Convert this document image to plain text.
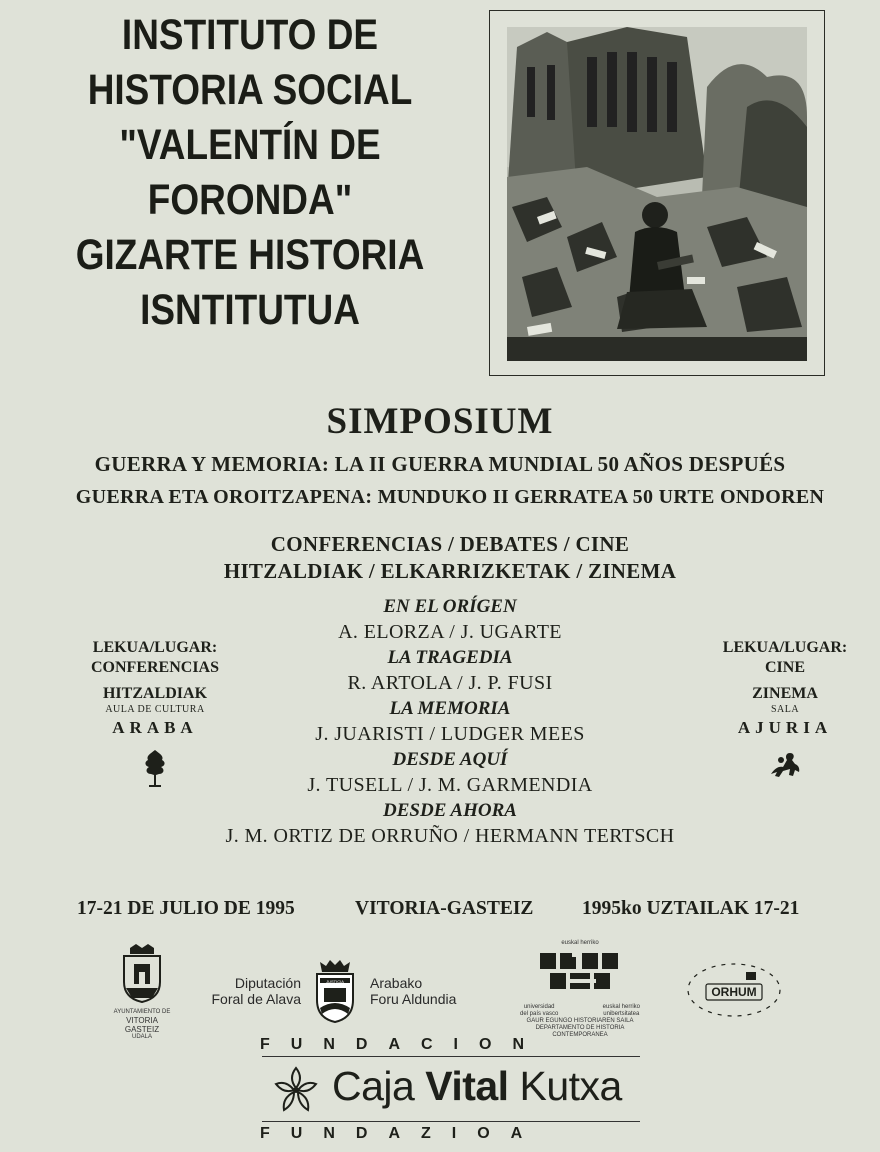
INSTITUTO DE
HISTORIA SOCIAL
"VALENTÍN DE
FORONDA"
GIZARTE HISTORIA
ISNTITUTUA
SIMPOSIUM
GUERRA Y MEMORIA: LA II GUERRA MUNDIAL 50 AÑOS DESPUÉS
GUERRA ETA OROITZAPENA: MUNDUKO II GERRATEA 50 URTE ONDOREN
CONFERENCIAS / DEBATES / CINE
HITZALDIAK / ELKARRIZKETAK / ZINEMA
EN EL ORÍGEN
A. ELORZA / J. UGARTE
LA TRAGEDIA
R. ARTOLA / J. P. FUSI
LA MEMORIA
J. JUARISTI / LUDGER MEES
DESDE AQUÍ
J. TUSELL / J. M. GARMENDIA
DESDE AHORA
J. M. ORTIZ DE ORRUÑO / HERMANN TERTSCH
LEKUA/LUGAR:
CONFERENCIAS
HITZALDIAK
AULA DE CULTURA
ARABA
LEKUA/LUGAR:
CINE
ZINEMA
SALA
AJURIA
17-21 DE JULIO DE 1995	VITORIA-GASTEIZ 1995ko UZTAILAK 17-21
AYUNTAMIENTO DE
VITORIA
GASTEIZ
UDALA
Diputación
Foral de Alava
JUSTICIA	Arabako
Foru Aldundia
euskal herriko
universidad
del país vasco
euskal herriko
unibertsitatea
GAUR EGUNGO HISTORIAREN SAILA
DEPARTAMENTO DE HISTORIA CONTEMPORANEA
ORHUM
FUNDACION
Caja Vital Kutxa
FUNDAZIOA
